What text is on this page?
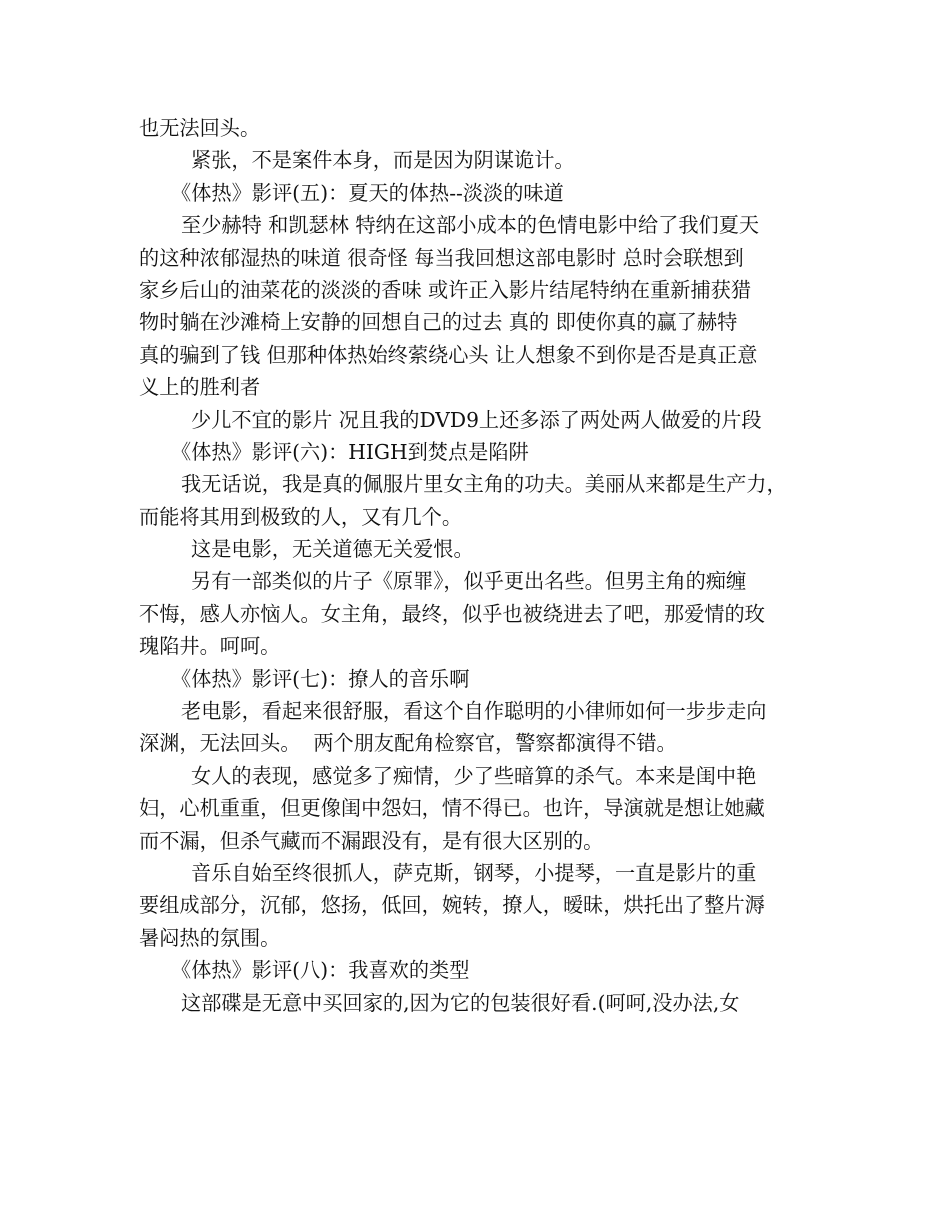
也无法回头。

紧张，不是案件本身，而是因为阴谋诡计。

《体热》影评(五)：夏天的体热--淡淡的味道

至少赫特 和凯瑟林 特纳在这部小成本的色情电影中给了我们夏天

的这种浓郁湿热的味道 很奇怪 每当我回想这部电影时 总时会联想到

家乡后山的油菜花的淡淡的香味 或许正入影片结尾特纳在重新捕获猎

物时躺在沙滩椅上安静的回想自己的过去 真的 即使你真的赢了赫特

真的骗到了钱 但那种体热始终萦绕心头 让人想象不到你是否是真正意

义上的胜利者

少儿不宜的影片 况且我的DVD9上还多添了两处两人做爱的片段

《体热》影评(六)：HIGH到焚点是陷阱

我无话说，我是真的佩服片里女主角的功夫。美丽从来都是生产力，

而能将其用到极致的人，又有几个。

这是电影，无关道德无关爱恨。

另有一部类似的片子《原罪》，似乎更出名些。但男主角的痴缠

不悔，感人亦恼人。女主角，最终，似乎也被绕进去了吧，那爱情的玫

瑰陷井。呵呵。

《体热》影评(七)：撩人的音乐啊

老电影，看起来很舒服，看这个自作聪明的小律师如何一步步走向

深渊，无法回头。  两个朋友配角检察官，警察都演得不错。

女人的表现，感觉多了痴情，少了些暗算的杀气。本来是闺中艳

妇，心机重重，但更像闺中怨妇，情不得已。也许，导演就是想让她藏

而不漏，但杀气藏而不漏跟没有，是有很大区别的。

音乐自始至终很抓人，萨克斯，钢琴，小提琴，一直是影片的重

要组成部分，沉郁，悠扬，低回，婉转，撩人，暧昧，烘托出了整片溽

暑闷热的氛围。

《体热》影评(八)：我喜欢的类型

这部碟是无意中买回家的,因为它的包装很好看.(呵呵,没办法,女
